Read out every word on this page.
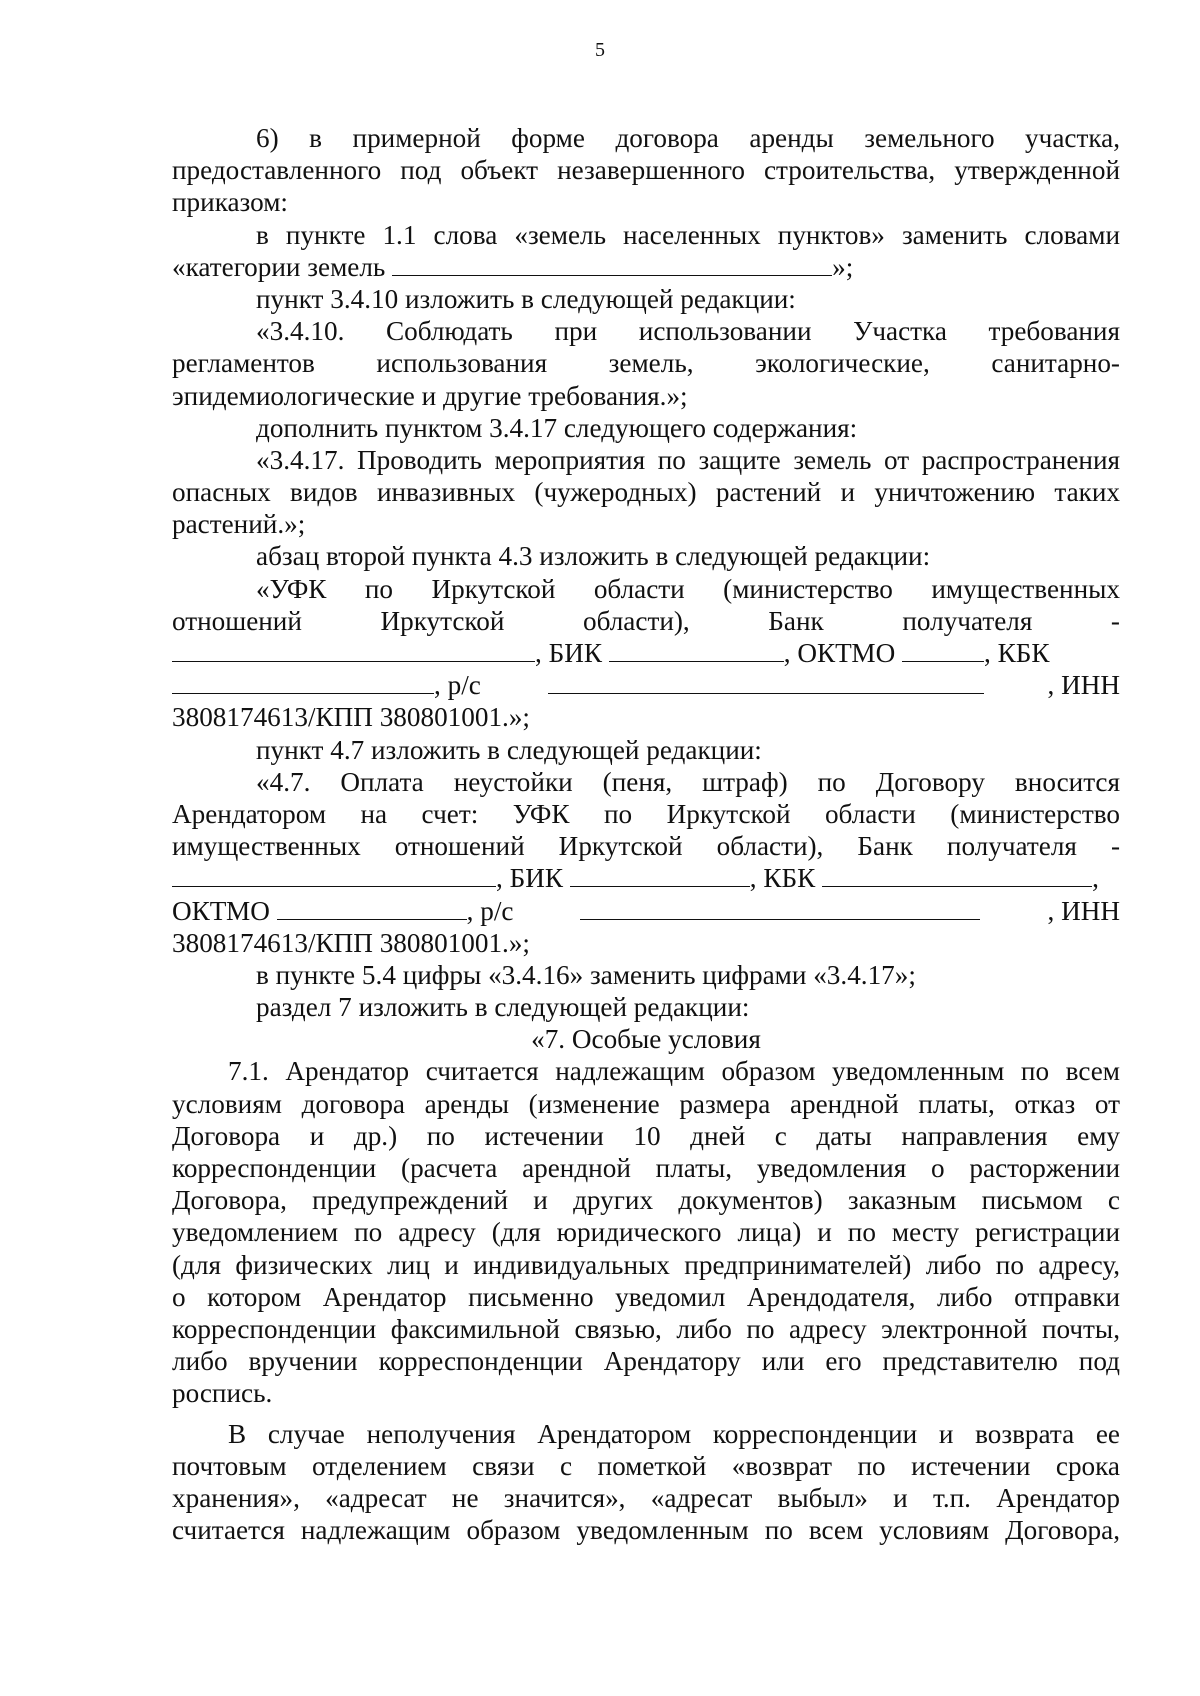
5
6) в примерной форме договора аренды земельного участка,
предоставленного под объект незавершенного строительства, утвержденной
приказом:
в пункте 1.1 слова «земель населенных пунктов» заменить словами
«категории земель	»;
пункт 3.4.10 изложить в следующей редакции:
«3.4.10. Соблюдать при использовании Участка требования
регламентов использования земель, экологические, санитарно-
эпидемиологические и другие требования.»;
дополнить пунктом 3.4.17 следующего содержания:
«3.4.17. Проводить мероприятия по защите земель от распространения
опасных видов инвазивных (чужеродных) растений и уничтожению таких
растений.»;
абзац второй пункта 4.3 изложить в следующей редакции:
«УФК по Иркутской области (министерство имущественных
отношений Иркутской области), Банк получателя -
, БИК	, ОКТМО	, КБК
, р/с	, ИНН
3808174613/КПП 380801001.»;
пункт 4.7 изложить в следующей редакции:
«4.7. Оплата неустойки (пеня, штраф) по Договору вносится
Арендатором на счет: УФК по Иркутской области (министерство
имущественных отношений Иркутской области), Банк получателя -
, БИК	, КБК	,
ОКТМО	, р/с	, ИНН
3808174613/КПП 380801001.»;
в пункте 5.4 цифры «3.4.16» заменить цифрами «3.4.17»;
раздел 7 изложить в следующей редакции:
«7. Особые условия
7.1. Арендатор считается надлежащим образом уведомленным по всем
условиям договора аренды (изменение размера арендной платы, отказ от
Договора и др.) по истечении 10 дней с даты направления ему
корреспонденции (расчета арендной платы, уведомления о расторжении
Договора, предупреждений и других документов) заказным письмом с
уведомлением по адресу (для юридического лица) и по месту регистрации
(для физических лиц и индивидуальных предпринимателей) либо по адресу,
о котором Арендатор письменно уведомил Арендодателя, либо отправки
корреспонденции факсимильной связью, либо по адресу электронной почты,
либо вручении корреспонденции Арендатору или его представителю под
роспись.
В случае неполучения Арендатором корреспонденции и возврата ее
почтовым отделением связи с пометкой «возврат по истечении срока
хранения», «адресат не значится», «адресат выбыл» и т.п. Арендатор
считается надлежащим образом уведомленным по всем условиям Договора,
